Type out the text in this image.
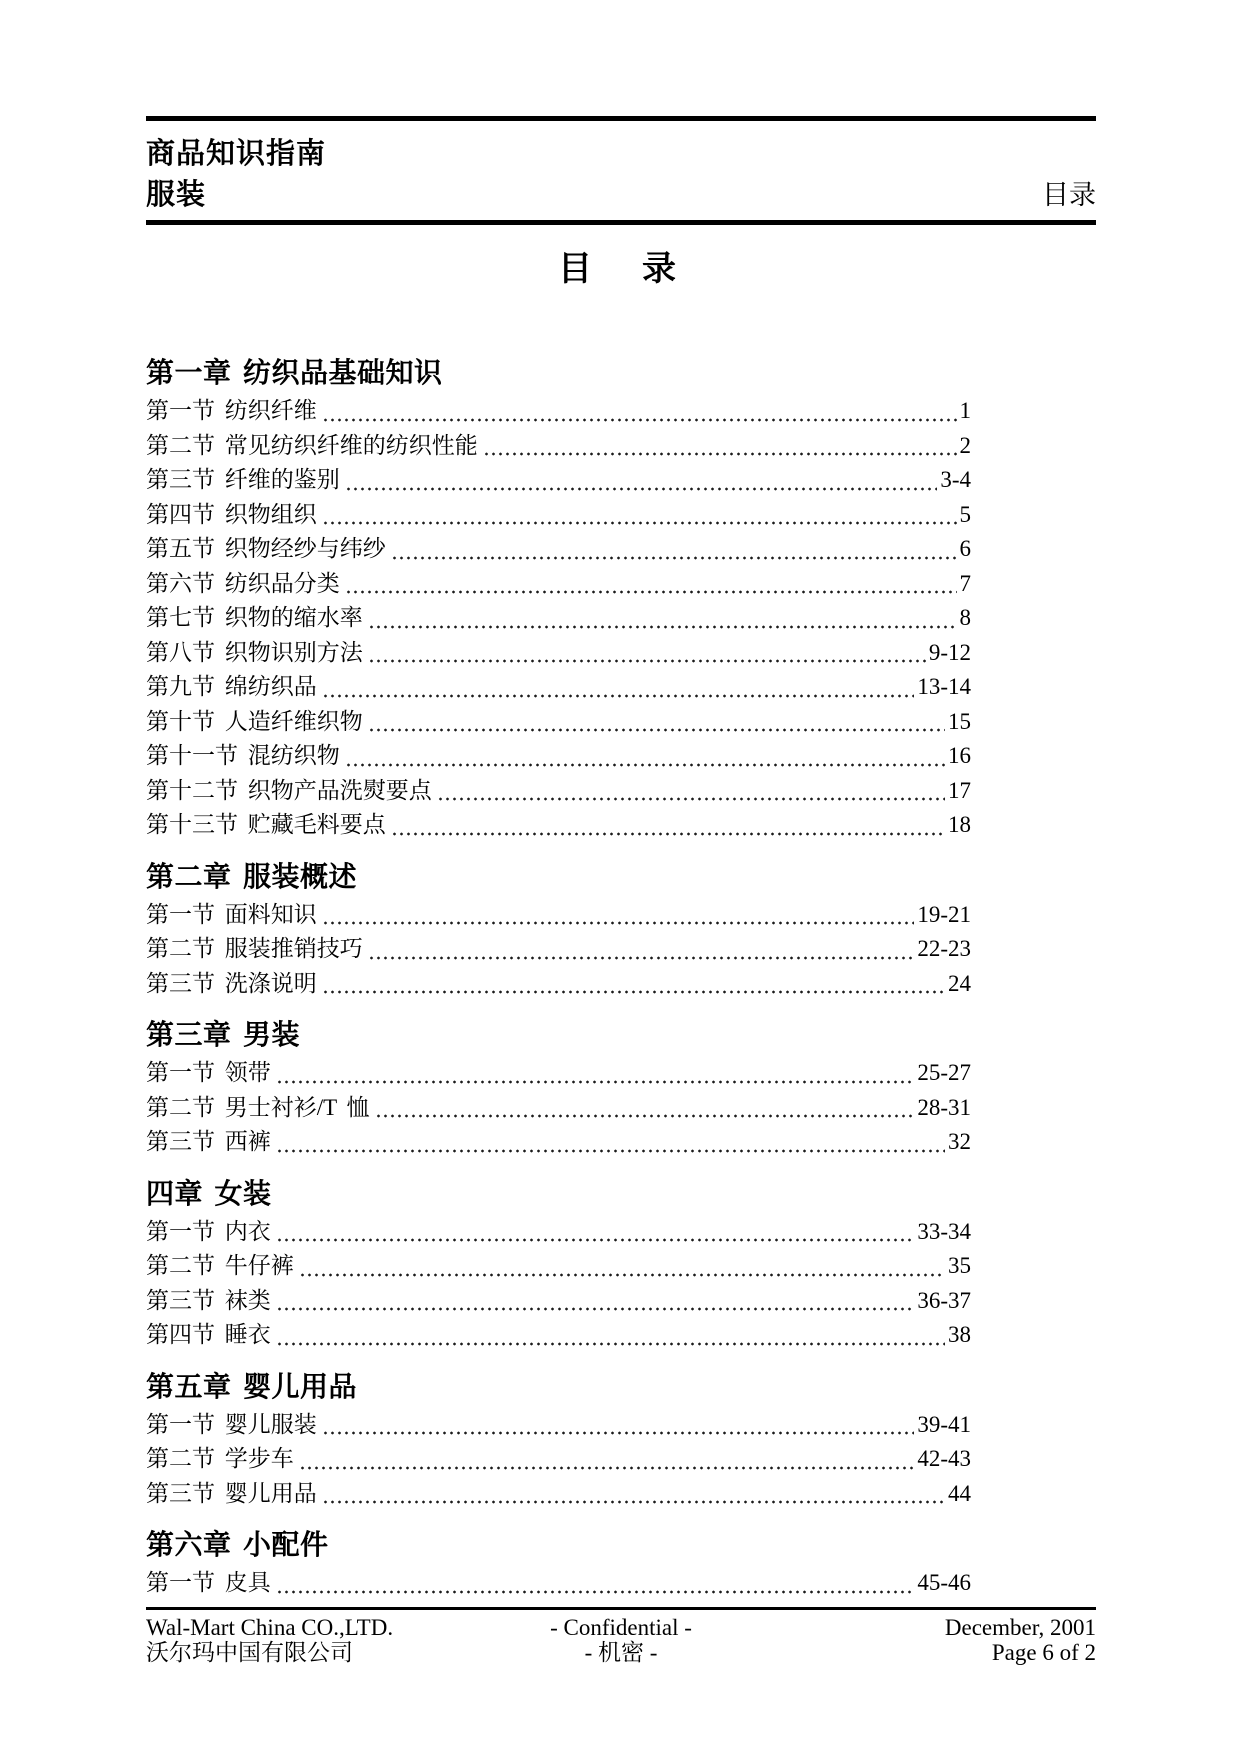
商品知识指南
服装	目录
目　录
第一章 纺织品基础知识
第一节 纺织纤维	1
第二节 常见纺织纤维的纺织性能	2
第三节 纤维的鉴别	3-4
第四节 织物组织	5
第五节 织物经纱与纬纱	6
第六节 纺织品分类	7
第七节 织物的缩水率	8
第八节 织物识别方法	9-12
第九节 绵纺织品	13-14
第十节 人造纤维织物	15
第十一节 混纺织物	16
第十二节 织物产品洗熨要点	17
第十三节 贮藏毛料要点	18
第二章 服装概述
第一节 面料知识	19-21
第二节 服装推销技巧	22-23
第三节 洗涤说明	24
第三章 男装
第一节 领带	25-27
第二节 男士衬衫/T 恤	28-31
第三节 西裤	32
四章 女装
第一节 内衣	33-34
第二节 牛仔裤	35
第三节 袜类	36-37
第四节 睡衣	38
第五章 婴儿用品
第一节 婴儿服装	39-41
第二节 学步车	42-43
第三节 婴儿用品	44
第六章 小配件
第一节 皮具	45-46
Wal-Mart China CO.,LTD.	- Confidential -	December, 2001
沃尔玛中国有限公司	- 机密 -	Page 6 of 2
